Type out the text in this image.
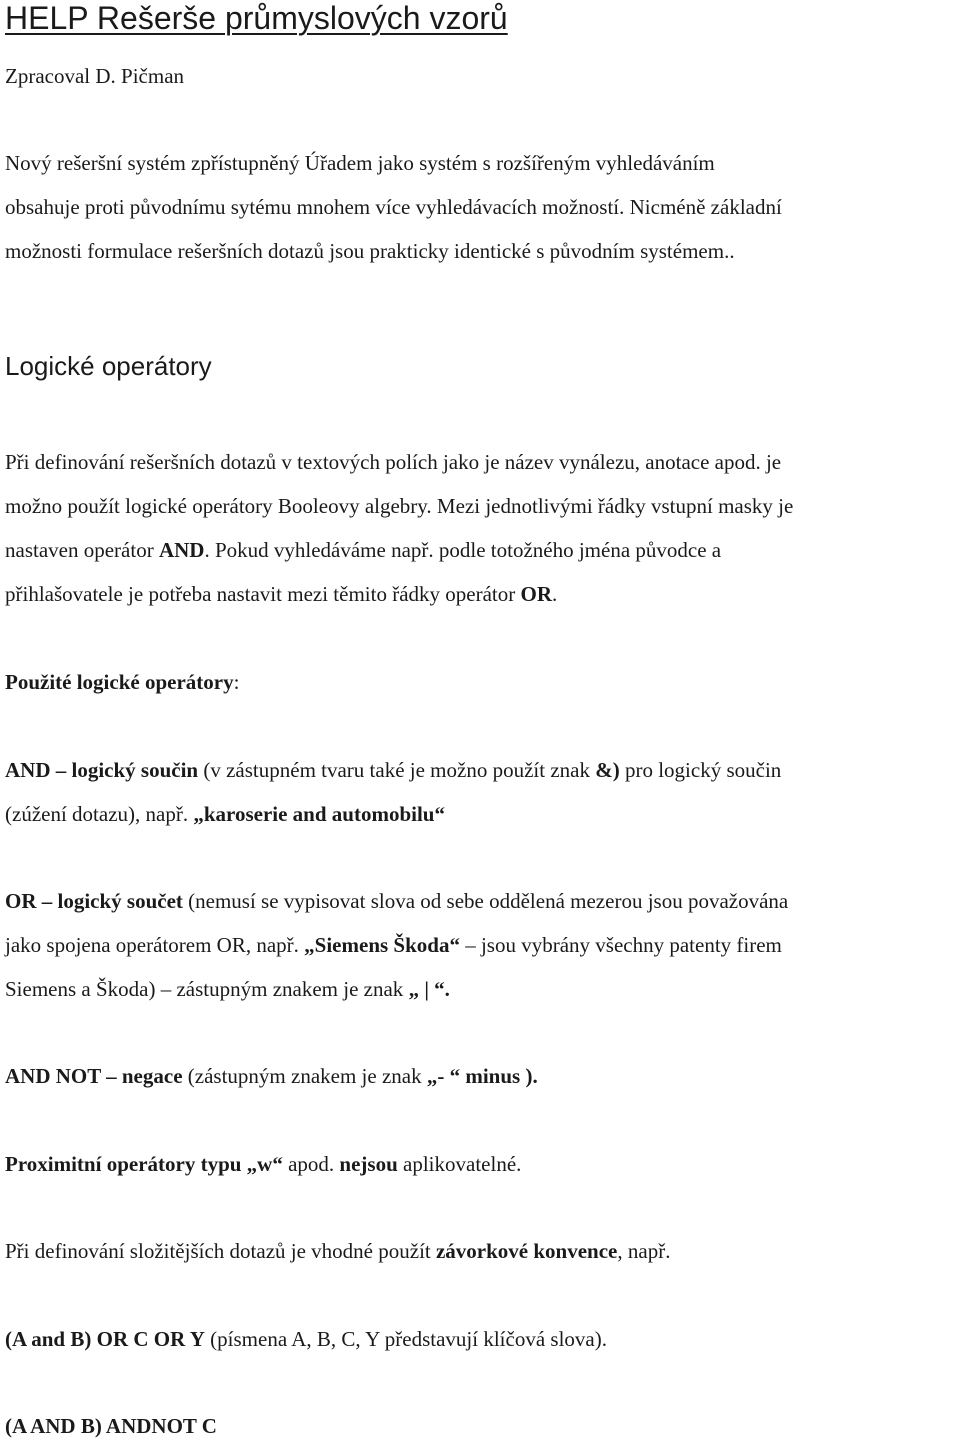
HELP Rešerše průmyslových vzorů
Zpracoval D. Pičman
Nový rešeršní systém zpřístupněný Úřadem jako systém s rozšířeným vyhledáváním
obsahuje proti původnímu sytému mnohem více vyhledávacích možností. Nicméně základní
možnosti formulace rešeršních dotazů jsou prakticky identické s původním systémem..
Logické operátory
Při definování rešeršních dotazů v textových polích jako je název vynálezu, anotace apod. je
možno použít logické operátory Booleovy algebry. Mezi jednotlivými řádky vstupní masky je
nastaven operátor AND. Pokud vyhledáváme např. podle totožného jména původce a
přihlašovatele je potřeba nastavit mezi těmito řádky operátor OR.
Použité logické operátory:
AND – logický součin (v zástupném tvaru také je možno použít znak &) pro logický součin
(zúžení dotazu), např. „karoserie and automobilu“
OR – logický součet (nemusí se vypisovat slova od sebe oddělená mezerou jsou považována
jako spojena operátorem OR, např. „Siemens Škoda“ – jsou vybrány všechny patenty firem
Siemens a Škoda) – zástupným znakem je znak „ | “.
AND NOT – negace (zástupným znakem je znak „- “ minus ).
Proximitní operátory typu „w“ apod. nejsou aplikovatelné.
Při definování složitějších dotazů je vhodné použít závorkové konvence, např.
(A and B) OR C OR Y (písmena A, B, C, Y představují klíčová slova).
(A AND B) ANDNOT C
